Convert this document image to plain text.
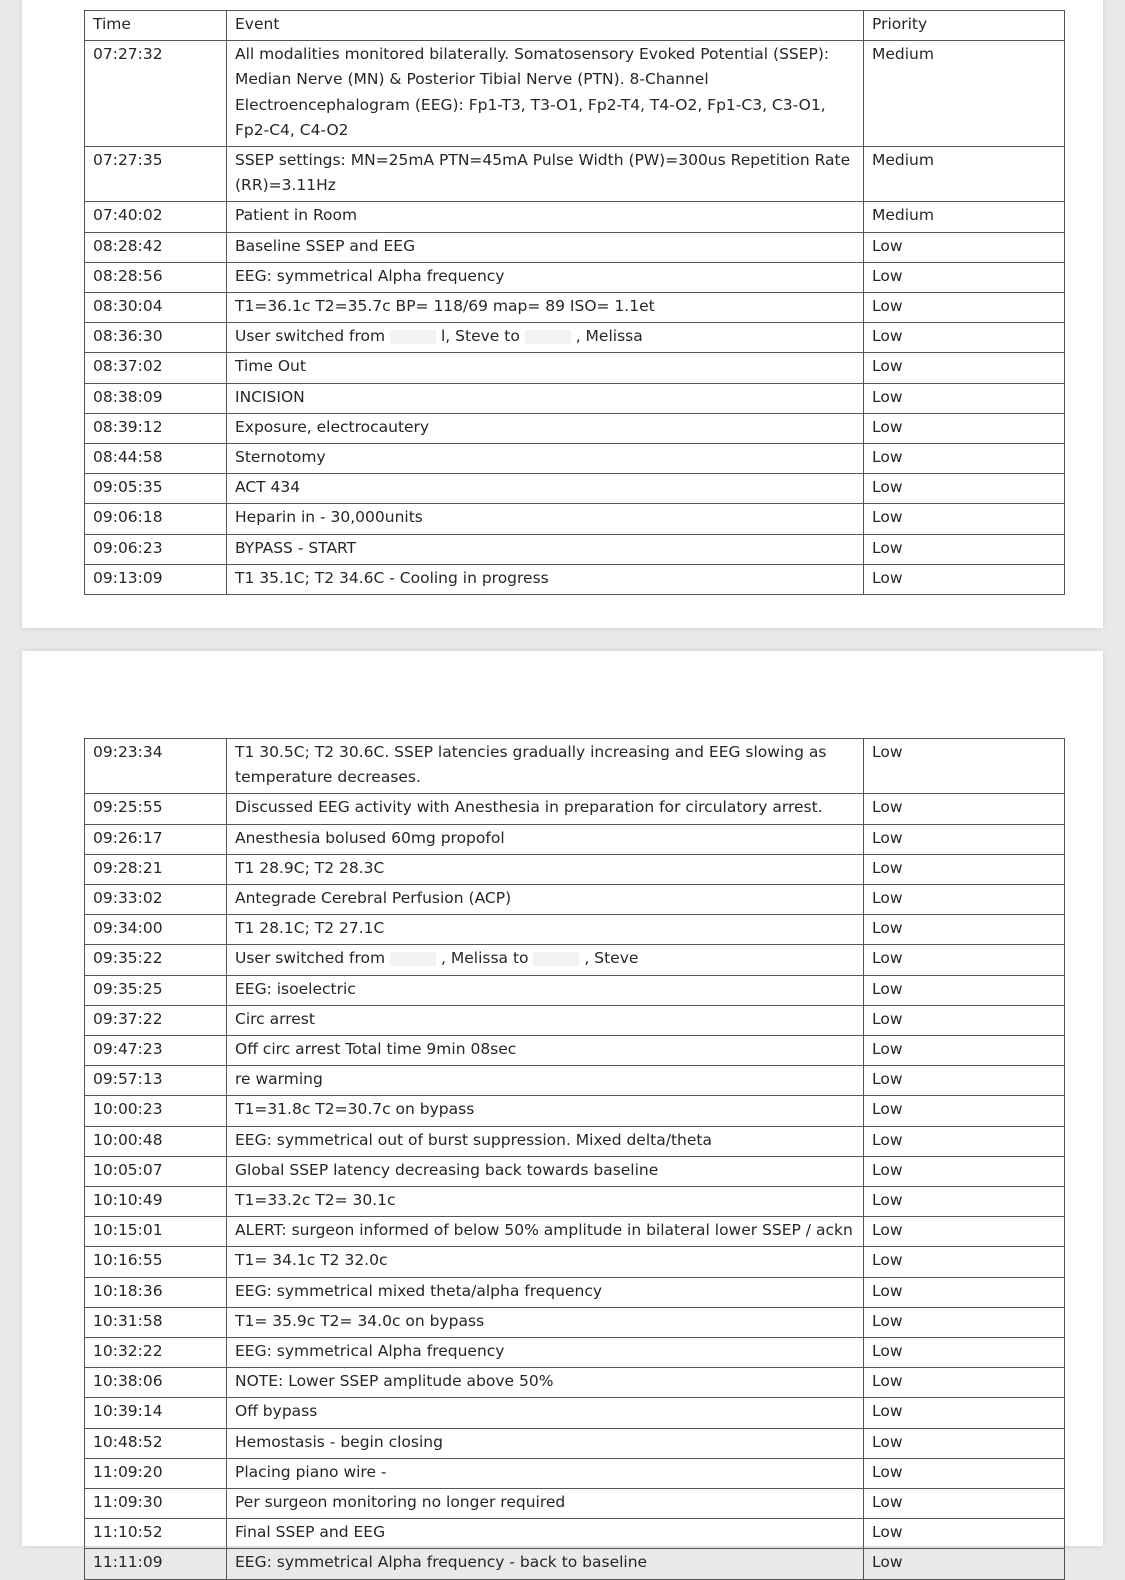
Time	Event	Priority
07:27:32	All modalities monitored bilaterally. Somatosensory Evoked Potential (SSEP): Median Nerve (MN) & Posterior Tibial Nerve (PTN). 8-Channel Electroencephalogram (EEG): Fp1-T3, T3-O1, Fp2-T4, T4-O2, Fp1-C3, C3-O1, Fp2-C4, C4-O2	Medium
07:27:35	SSEP settings: MN=25mA PTN=45mA Pulse Width (PW)=300us Repetition Rate (RR)=3.11Hz	Medium
07:40:02	Patient in Room	Medium
08:28:42	Baseline SSEP and EEG	Low
08:28:56	EEG: symmetrical Alpha frequency	Low
08:30:04	T1=36.1c T2=35.7c BP= 118/69 map= 89 ISO= 1.1et	Low
08:36:30	User switched from l, Steve to , Melissa	Low
08:37:02	Time Out	Low
08:38:09	INCISION	Low
08:39:12	Exposure, electrocautery	Low
08:44:58	Sternotomy	Low
09:05:35	ACT 434	Low
09:06:18	Heparin in - 30,000units	Low
09:06:23	BYPASS - START	Low
09:13:09	T1 35.1C; T2 34.6C - Cooling in progress	Low
09:23:34	T1 30.5C; T2 30.6C. SSEP latencies gradually increasing and EEG slowing as temperature decreases.	Low
09:25:55	Discussed EEG activity with Anesthesia in preparation for circulatory arrest.	Low
09:26:17	Anesthesia bolused 60mg propofol	Low
09:28:21	T1 28.9C; T2 28.3C	Low
09:33:02	Antegrade Cerebral Perfusion (ACP)	Low
09:34:00	T1 28.1C; T2 27.1C	Low
09:35:22	User switched from , Melissa to , Steve	Low
09:35:25	EEG: isoelectric	Low
09:37:22	Circ arrest	Low
09:47:23	Off circ arrest Total time 9min 08sec	Low
09:57:13	re warming	Low
10:00:23	T1=31.8c T2=30.7c on bypass	Low
10:00:48	EEG: symmetrical out of burst suppression. Mixed delta/theta	Low
10:05:07	Global SSEP latency decreasing back towards baseline	Low
10:10:49	T1=33.2c T2= 30.1c	Low
10:15:01	ALERT: surgeon informed of below 50% amplitude in bilateral lower SSEP / ackn	Low
10:16:55	T1= 34.1c T2 32.0c	Low
10:18:36	EEG: symmetrical mixed theta/alpha frequency	Low
10:31:58	T1= 35.9c T2= 34.0c on bypass	Low
10:32:22	EEG: symmetrical Alpha frequency	Low
10:38:06	NOTE: Lower SSEP amplitude above 50%	Low
10:39:14	Off bypass	Low
10:48:52	Hemostasis - begin closing	Low
11:09:20	Placing piano wire -	Low
11:09:30	Per surgeon monitoring no longer required	Low
11:10:52	Final SSEP and EEG	Low
11:11:09	EEG: symmetrical Alpha frequency - back to baseline	Low
